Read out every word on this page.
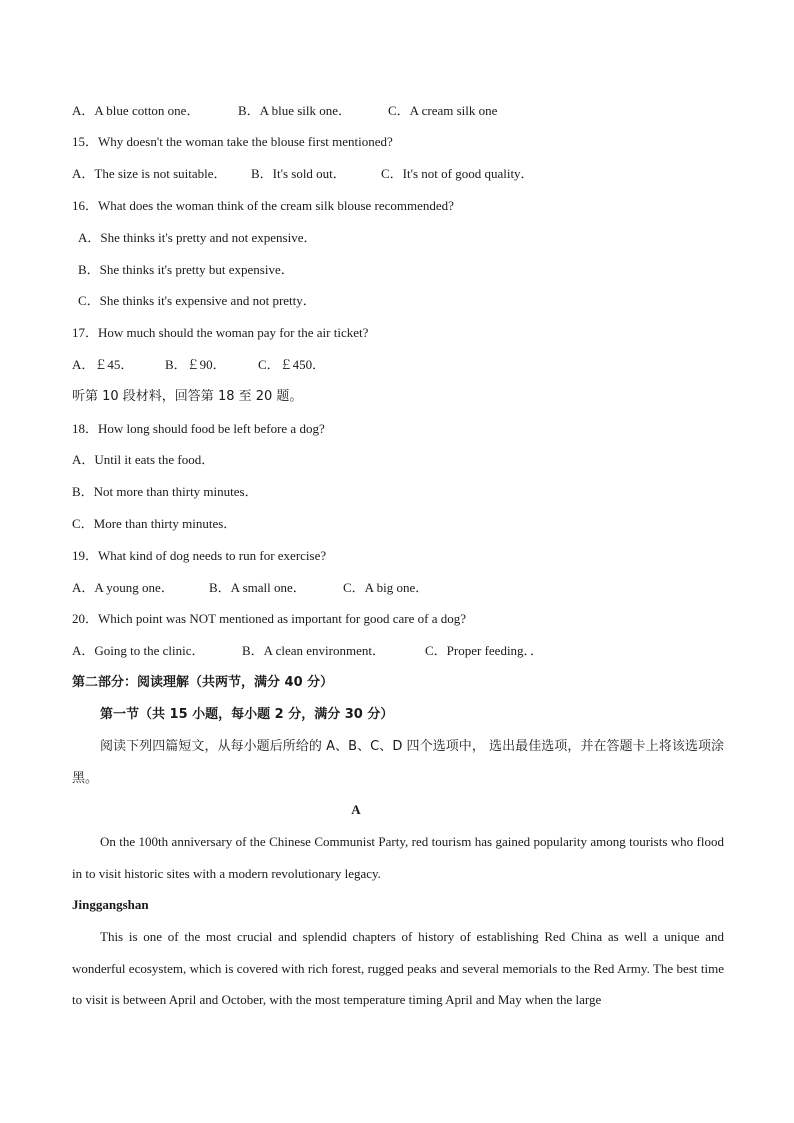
A．A blue cotton one．	B．A blue silk one．	C．A cream silk one
15．Why doesn't the woman take the blouse first mentioned?
A．The size is not suitable． B．It's sold out．	C．It's not of good quality．
16．What does the woman think of the cream silk blouse recommended?
A．She thinks it's pretty and not expensive．
B．She thinks it's pretty but expensive．
C．She thinks it's expensive and not pretty．
17．How much should the woman pay for the air ticket?
A．￡45． B．￡90． C．￡450．
听第 10 段材料，回答第 18 至 20 题。
18．How long should food be left before a dog?
A．Until it eats the food．
B．Not more than thirty minutes．
C．More than thirty minutes．
19．What kind of dog needs to run for exercise?
A．A young one．	B．A small one．	C．A big one．
20．Which point was NOT mentioned as important for good care of a dog?
A．Going to the clinic．	B．A clean environment．	C．Proper feeding．．
第二部分：阅读理解（共两节，满分 40 分）
第一节（共 15 小题，每小题 2 分，满分 30 分）
阅读下列四篇短文，从每小题后所给的 A、B、C、D 四个选项中， 选出最佳选项，并在答题卡上将该选项涂黑。
A
On the 100th anniversary of the Chinese Communist Party, red tourism has gained popularity among tourists who flood in to visit historic sites with a modern revolutionary legacy.
Jinggangshan
This is one of the most crucial and splendid chapters of history of establishing Red China as well a unique and wonderful ecosystem, which is covered with rich forest, rugged peaks and several memorials to the Red Army. The best time to visit is between April and October, with the most temperature timing April and May when the large
